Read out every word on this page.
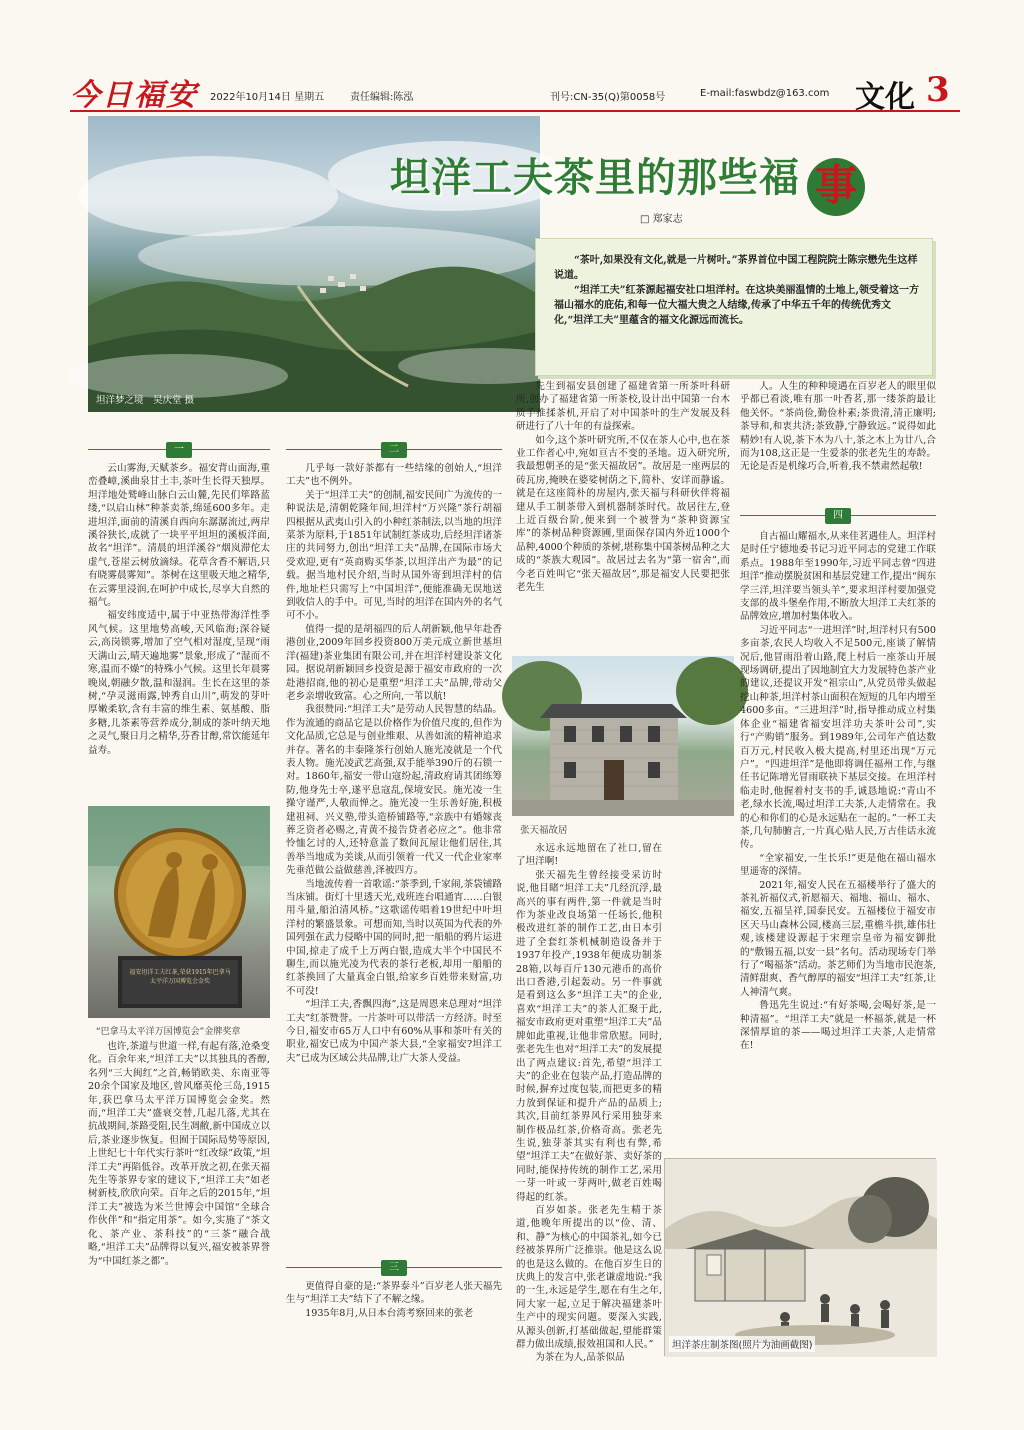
今日福安 2022年10月14日 星期五	责任编辑:陈泓	刊号:CN-35(Q)第0058号	E-mail:faswbdz@163.com 文化 3
坦洋梦之境　吴庆堂 摄
坦洋工夫茶里的那些福 事
□ 郑家志

“茶叶,如果没有文化,就是一片树叶。”茶界首位中国工程院院士陈宗懋先生这样说道。

“坦洋工夫”红茶源起福安社口坦洋村。在这块美丽温情的土地上,领受着这一方福山福水的庇佑,和每一位大福大贵之人结缘,传承了中华五千年的传统优秀文化,“坦洋工夫”里蕴含的福文化源远而流长。

一

云山雾海,天赋茶乡。福安背山面海,重峦叠嶂,溪曲泉甘土丰,茶叶生长得天独厚。坦洋地处鹫峰山脉白云山麓,先民们筚路蓝缕,“以启山林”种茶卖茶,绵延600多年。走进坦洋,面前的清溪自西向东潺潺流过,两岸溪谷狭长,成就了一块平平坦坦的溪板洋面,故名“坦洋”。清晨的坦洋溪谷“烟岚滞佗太虚气,苍崖云树放滴绿。花草含香不解语,只有晓雾晨雾知”。茶树在这里吸天地之精华,在云雾里浸润,在呵护中成长,尽享大自然的福气。

福安纬度适中,属于中亚热带海洋性季风气候。这里地势高峻,天风临海;深谷疑云,高岗锁雾,增加了空气相对湿度,呈现“雨天满山云,晴天遍地雾”景象,形成了“湿而不寒,温而不燥”的特殊小气候。这里长年晨雾晚岚,朝融夕散,温和湿润。生长在这里的茶树,“孕灵滋雨露,钟秀自山川”,萌发的芽叶厚嫩柔软,含有丰富的维生素、氨基酸、脂多糖,儿茶素等营养成分,制成的茶叶纳天地之灵气,聚日月之精华,芬香甘醇,常饮能延年益寿。

福安坦洋工夫红茶,荣获1915年巴拿马太平洋万国博览会金奖
“巴拿马太平洋万国博览会”金牌奖章

也许,茶道与世道一样,有起有落,沧桑变化。百余年来,“坦洋工夫”以其独具的香醇,名列“三大闽红”之首,畅销欧美、东南亚等20余个国家及地区,曾风靡英伦三岛,1915年,获巴拿马太平洋万国博览会金奖。然而,“坦洋工夫”盛衰交替,几起几落,尤其在抗战期间,茶路受阻,民生凋敝,新中国成立以后,茶业逐步恢复。但囿于国际局势等原因,上世纪七十年代实行茶叶“红改绿”政策,“坦洋工夫”再陷低谷。改革开放之初,在张天福先生等茶界专家的建议下,“坦洋工夫”如老树新枝,欣欣向荣。百年之后的2015年,“坦洋工夫”被选为米兰世博会中国馆“全球合作伙伴”和“指定用茶”。如今,实施了“茶文化、茶产业、茶科技”的“三茶”融合战略,“坦洋工夫”品牌得以复兴,福安被茶界誉为“中国红茶之都”。

二

几乎每一款好茶都有一些结缘的创始人,“坦洋工夫”也不例外。

关于“坦洋工夫”的创制,福安民间广为流传的一种说法是,清朝乾隆年间,坦洋村“万兴隆”茶行胡福四根据从武夷山引入的小种红茶制法,以当地的坦洋菜茶为原料,于1851年试制红茶成功,后经坦洋诸茶庄的共同努力,创出“坦洋工夫”品牌,在国际市场大受欢迎,更有“英商购买华茶,以坦洋出产为最”的记载。据当地村民介绍,当时从国外寄到坦洋村的信件,地址栏只需写上“中国坦洋”,便能准确无误地送到收信人的手中。可见,当时的坦洋在国内外的名气可不小。

值得一提的是胡福四的后人胡新颖,他早年赴香港创业,2009年回乡投资800万美元成立新世基坦洋(福建)茶业集团有限公司,并在坦洋村建设茶文化园。据说胡新颖回乡投资是源于福安市政府的一次赴港招商,他的初心是重塑“坦洋工夫”品牌,带动父老乡亲增收致富。心之所向,一苇以航!

我很赞同:“坦洋工夫”是劳动人民智慧的结晶。作为流通的商品它是以价格作为价值尺度的,但作为文化品质,它总是与创业维艰、从善如流的精神追求并存。著名的丰泰隆茶行创始人施光凌就是一个代表人物。施光凌武艺高强,双手能举390斤的石锁一对。1860年,福安一带山寇纷起,清政府请其团练筹防,他身先士卒,遂平息寇乱,保境安民。施光凌一生操守谨严,人敬而惮之。施光凌一生乐善好施,积极建祖祠、兴义塾,带头造桥铺路等,“亲族中有婚嫁丧葬乏资者必赐之,青黄不接告贷者必应之”。他非常怜恤乞讨的人,还特意盖了数间瓦屋让他们居住,其善举当地成为美谈,从而引领着一代又一代企业家率先垂范做公益做慈善,泽被四方。

当地流传着一首歌谣:“茶季到,千家闹,茶袋铺路当床铺。街灯十里透天光,戏班连台唱通宵……白银用斗量,船泊清风桥。”这歌谣传唱着19世纪中叶坦洋村的繁盛景象。可想而知,当时以英国为代表的外国列强在武力侵略中国的同时,把一船船的鸦片运进中国,掠走了成千上万两白银,造成大半个中国民不聊生,而以施光凌为代表的茶行老板,却用一船船的红茶换回了大量真金白银,给家乡百姓带来财富,功不可没!

“坦洋工夫,香飘四海”,这是周恩来总理对“坦洋工夫”红茶赞誉。一片茶叶可以带活一方经济。时至今日,福安市65万人口中有60%从事和茶叶有关的职业,福安已成为中国产茶大县,“全家福安?坦洋工夫”已成为区域公共品牌,让广大茶人受益。

三

更值得自豪的是:“茶界泰斗”百岁老人张天福先生与“坦洋工夫”结下了不解之缘。

1935年8月,从日本台湾考察回来的张老

先生到福安县创建了福建省第一所茶叶科研所,创办了福建省第一所茶校,设计出中国第一台木质手推揉茶机,开启了对中国茶叶的生产发展及科研进行了八十年的有益探索。

如今,这个茶叶研究所,不仅在茶人心中,也在茶业工作者心中,宛如亘古不变的圣地。迈入研究所,我最想朝圣的是“张天福故居”。故居是一座两层的砖瓦房,掩映在婆娑树荫之下,简朴、安详而静谧。就是在这座简朴的房屋内,张天福与科研伙伴将福建从手工制茶带入到机器制茶时代。故居往左,登上近百级台阶,便来到一个被誉为“茶种资源宝库”的茶树品种资源圃,里面保存国内外近1000个品种,4000个种质的茶树,堪称集中国茶树品种之大成的“茶族大观园”。故居过去名为“第一宿舍”,而今老百姓叫它“张天福故居”,那是福安人民要把张老先生

张天福故居

永远永远地留在了社口,留在了坦洋啊!

张天福先生曾经接受采访时说,他目睹“坦洋工夫”几经沉浮,最高兴的事有两件,第一件就是当时作为茶业改良场第一任场长,他积极改进红茶的制作工艺,由日本引进了全套红茶机械制造设备并于1937年投产,1938年便成功制茶28箱,以每百斤130元港币的高价出口香港,引起轰动。另一件事就是看到这么多“坦洋工夫”的企业,喜欢“坦洋工夫”的茶人汇聚于此,福安市政府更对重塑“坦洋工夫”品牌如此重视,让他非常欣慰。同时,张老先生也对“坦洋工夫”的发展提出了两点建议:首先,希望“坦洋工夫”的企业在包装产品,打造品牌的时候,摒弃过度包装,而把更多的精力放到保证和提升产品的品质上;其次,目前红茶界风行采用独芽来制作极品红茶,价格奇高。张老先生说,独芽茶其实有利也有弊,希望“坦洋工夫”在做好茶、卖好茶的同时,能保持传统的制作工艺,采用一芽一叶或一芽两叶,做老百姓喝得起的红茶。

百岁如茶。张老先生精于茶道,他晚年所提出的以“俭、清、和、静”为核心的中国茶礼,如今已经被茶界所广泛推崇。他是这么说的也是这么做的。在他百岁生日的庆典上的发言中,张老谦虚地说:“我的一生,永远是学生,愿在有生之年,同大家一起,立足于解决福建茶叶生产中的现实问题。要深入实践,从源头创新,打基础做起,望能群策群力做出成绩,报效祖国和人民。”

为茶在为人,品茶似品

人。人生的种种境遇在百岁老人的眼里似乎都已看淡,唯有那一叶香茗,那一缕茶韵最让他关怀。“茶尚俭,勤俭朴素;茶贵清,清正廉明;茶导和,和衷共济;茶致静,宁静致远。”说得如此精妙!有人说,茶下木为八十,茶之木上为廿八,合而为108,这正是一生爱茶的张老先生的寿龄。无论是否是机缘巧合,听着,我不禁肃然起敬!

四

自古福山耀福水,从来佳茗遇佳人。坦洋村是时任宁德地委书记习近平同志的党建工作联系点。1988年至1990年,习近平同志曾“四进坦洋”推动摆脱贫困和基层党建工作,提出“闽东学三洋,坦洋要当领头羊”,要求坦洋村要加强党支部的战斗堡垒作用,不断放大坦洋工夫红茶的品牌效应,增加村集体收入。

习近平同志“一进坦洋”时,坦洋村只有500多亩茶,农民人均收入不足500元,座谈了解情况后,他冒雨沿着山路,爬上村后一座茶山开展现场调研,提出了因地制宜大力发展特色茶产业的建议,还提议开发“祖宗山”,从党员带头做起挖山种茶,坦洋村茶山面积在短短的几年内增至4600多亩。“三进坦洋”时,指导推动成立村集体企业“福建省福安坦洋功夫茶叶公司”,实行“产购销”服务。到1989年,公司年产值达数百万元,村民收入极大提高,村里还出现“万元户”。“四进坦洋”是他即将调任福州工作,与继任书记陈增光冒雨联袂下基层交接。在坦洋村临走时,他握着村支书的手,诚恳地说:“青山不老,绿水长流,喝过坦洋工夫茶,人走情常在。我的心和你们的心是永远贴在一起的。”一杯工夫茶,几句肺腑言,一片真心贴人民,万古佳话永流传。

“全家福安,一生长乐!”更是他在福山福水里遥寄的深情。

2021年,福安人民在五福楼举行了盛大的茶礼祈福仪式,祈愿福天、福地、福山、福水、福安,五福呈祥,国泰民安。五福楼位于福安市区天马山森林公园,楼高三层,重檐斗拱,雄伟壮观,该楼建设源起于宋理宗皇帝为福安御批的“敷锡五福,以安一县”名句。活动现场专门举行了“喝福茶”活动。茶艺师们为当地市民泡茶,清鲜甜爽、香气醇厚的福安“坦洋工夫”红茶,让人神清气爽。

鲁迅先生说过:“有好茶喝,会喝好茶,是一种清福”。“坦洋工夫”就是一杯福茶,就是一杯深情厚谊的茶——喝过坦洋工夫茶,人走情常在!

坦洋茶庄制茶图(照片为油画截图)
